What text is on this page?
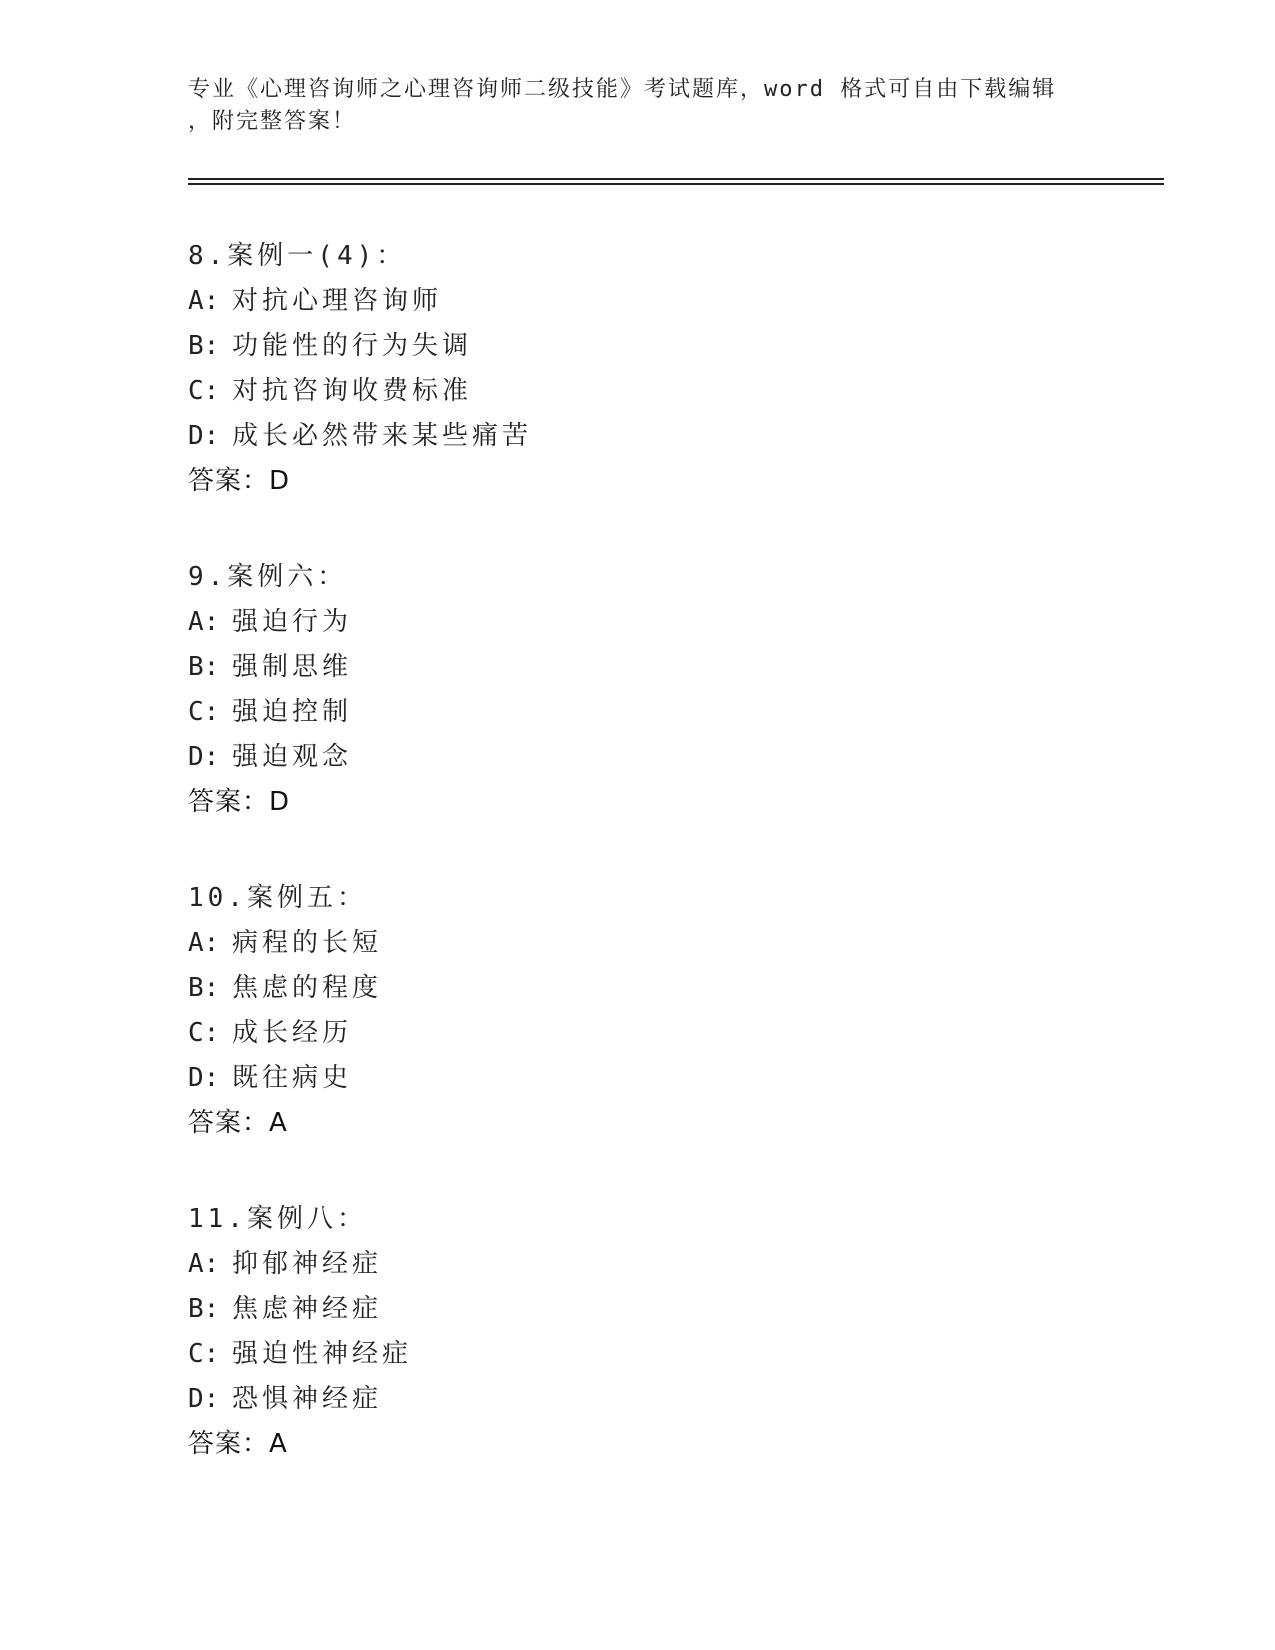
专业《心理咨询师之心理咨询师二级技能》考试题库，word 格式可自由下载编辑
，附完整答案！
8.案例一(4)：
A: 对抗心理咨询师
B: 功能性的行为失调
C: 对抗咨询收费标准
D: 成长必然带来某些痛苦
答案：D
9.案例六：
A: 强迫行为
B: 强制思维
C: 强迫控制
D: 强迫观念
答案：D
10.案例五：
A: 病程的长短
B: 焦虑的程度
C: 成长经历
D: 既往病史
答案：A
11.案例八：
A: 抑郁神经症
B: 焦虑神经症
C: 强迫性神经症
D: 恐惧神经症
答案：A
